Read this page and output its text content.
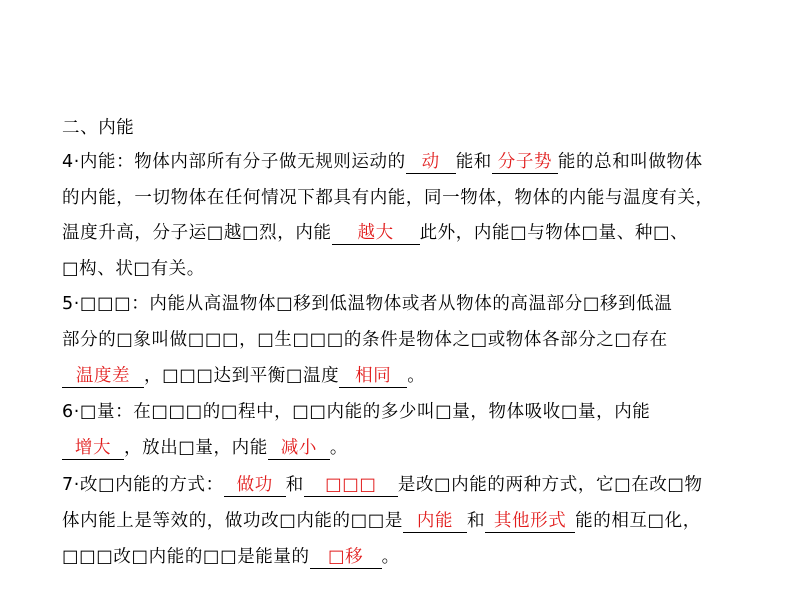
二、内能
4·内能：物体内部所有分子做无规则运动的 动 能和 分子势 能的总和叫做物体
的内能，一切物体在任何情况下都具有内能，同一物体，物体的内能与温度有关，
温度升高，分子运□越□烈，内能 越大 此外，内能□与物体□量、种□、
□构、状□有关。
5·□□□：内能从高温物体□移到低温物体或者从物体的高温部分□移到低温
部分的□象叫做□□□，□生□□□的条件是物体之□或物体各部分之□存在
温度差 ，□□□达到平衡□温度 相同 。
6·□量：在□□□的□程中，□□内能的多少叫□量，物体吸收□量，内能
增大 ，放出□量，内能 减小 。
7·改□内能的方式： 做功 和 □□□ 是改□内能的两种方式，它□在改□物
体内能上是等效的，做功改□内能的□□是 内能 和 其他形式 能的相互□化，
□□□改□内能的□□是能量的 □移 。
